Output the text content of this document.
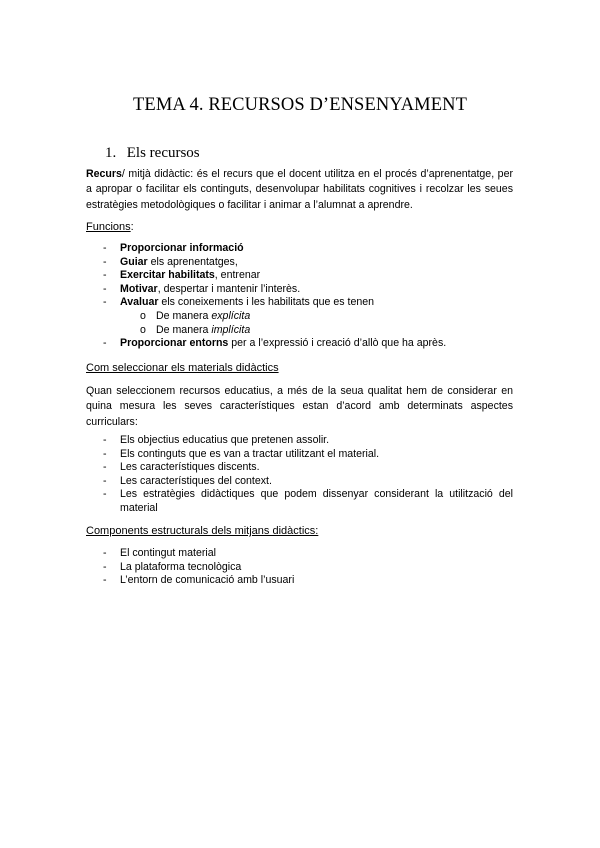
TEMA 4. RECURSOS D’ENSENYAMENT
1. Els recursos

Recurs/ mitjà didàctic: és el recurs que el docent utilitza en el procés d’aprenentatge, per a apropar o facilitar els continguts, desenvolupar habilitats cognitives i recolzar les seues estratègies metodològiques o facilitar i animar a l’alumnat a aprendre.

Funcions:
- Proporcionar informació
- Guiar els aprenentatges,
- Exercitar habilitats, entrenar
- Motivar, despertar i mantenir l’interès.
- Avaluar els coneixements i les habilitats que es tenen
o De manera explícita
o De manera implícita
- Proporcionar entorns per a l’expressió i creació d’allò que ha après.
Com seleccionar els materials didàctics

Quan seleccionem recursos educatius, a més de la seua qualitat hem de considerar en quina mesura les seves característiques estan d’acord amb determinats aspectes curriculars:

- Els objectius educatius que pretenen assolir.
- Els continguts que es van a tractar utilitzant el material.
- Les característiques discents.
- Les característiques del context.
- Les estratègies didàctiques que podem dissenyar considerant la utilització del material
Components estructurals dels mitjans didàctics:
- El contingut material
- La plataforma tecnològica
- L’entorn de comunicació amb l’usuari
